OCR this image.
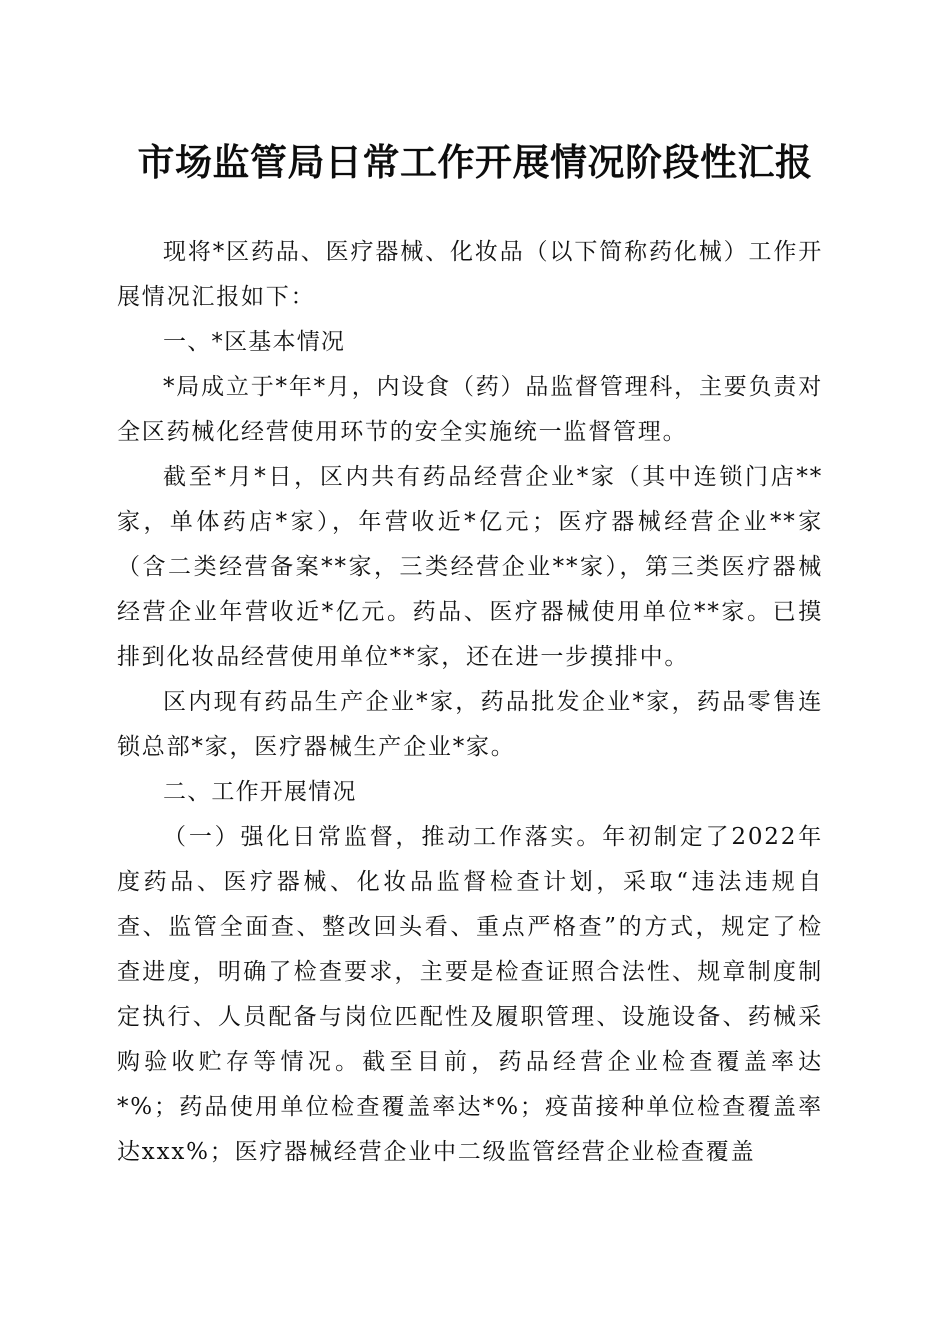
市场监管局日常工作开展情况阶段性汇报

现将*区药品、医疗器械、化妆品（以下简称药化械）工作开展情况汇报如下：

一、*区基本情况

*局成立于*年*月，内设食（药）品监督管理科，主要负责对全区药械化经营使用环节的安全实施统一监督管理。

截至*月*日，区内共有药品经营企业*家（其中连锁门店**家，单体药店*家），年营收近*亿元；医疗器械经营企业**家（含二类经营备案**家，三类经营企业**家），第三类医疗器械经营企业年营收近*亿元。药品、医疗器械使用单位**家。已摸排到化妆品经营使用单位**家，还在进一步摸排中。

区内现有药品生产企业*家，药品批发企业*家，药品零售连锁总部*家，医疗器械生产企业*家。

二、工作开展情况

（一）强化日常监督，推动工作落实。年初制定了2022年度药品、医疗器械、化妆品监督检查计划，采取“违法违规自查、监管全面查、整改回头看、重点严格查”的方式，规定了检查进度，明确了检查要求，主要是检查证照合法性、规章制度制定执行、人员配备与岗位匹配性及履职管理、设施设备、药械采购验收贮存等情况。截至目前，药品经营企业检查覆盖率达*%；药品使用单位检查覆盖率达*%；疫苗接种单位检查覆盖率达xxx%；医疗器械经营企业中二级监管经营企业检查覆盖
